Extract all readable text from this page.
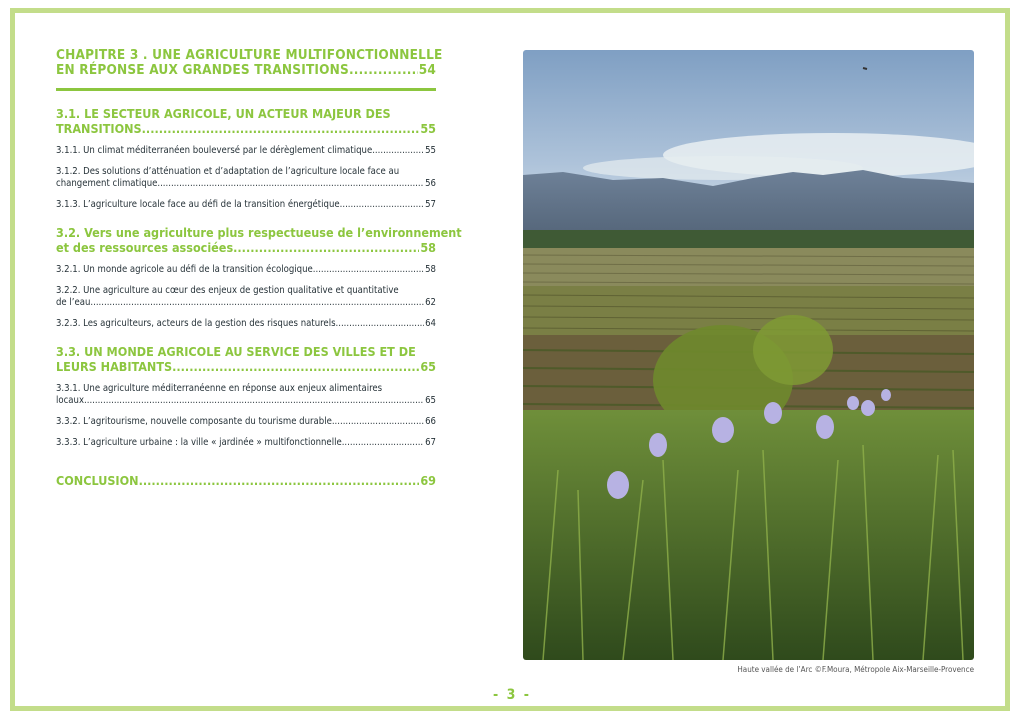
CHAPITRE 3 . UNE AGRICULTURE MULTIFONCTIONNELLE
EN RÉPONSE AUX GRANDES TRANSITIONS .....	54
3.1. LE SECTEUR AGRICOLE, UN ACTEUR MAJEUR DES
TRANSITIONS .....	55
3.1.1. Un climat méditerranéen bouleversé par le dérèglement climatique .....	55
3.1.2. Des solutions d’atténuation et d’adaptation de l’agriculture locale face au
changement climatique .....	56
3.1.3. L’agriculture locale face au défi de la transition énergétique .....	57
3.2. Vers une agriculture plus respectueuse de l’environnement
et des ressources associées .....	58
3.2.1. Un monde agricole au défi de la transition écologique .....	58
3.2.2. Une agriculture au cœur des enjeux de gestion qualitative et quantitative
de l’eau .....	62
3.2.3. Les agriculteurs, acteurs de la gestion des risques naturels .....	64
3.3. UN MONDE AGRICOLE AU SERVICE DES VILLES ET DE
LEURS HABITANTS .....	65
3.3.1. Une agriculture méditerranéenne en réponse aux enjeux alimentaires
locaux .....	65
3.3.2. L’agritourisme, nouvelle composante du tourisme durable .....	66
3.3.3. L’agriculture urbaine : la ville « jardinée » multifonctionnelle .....	67
CONCLUSION .....	69
Haute vallée de l’Arc ©F.Moura, Métropole Aix-Marseille-Provence
- 3 -
